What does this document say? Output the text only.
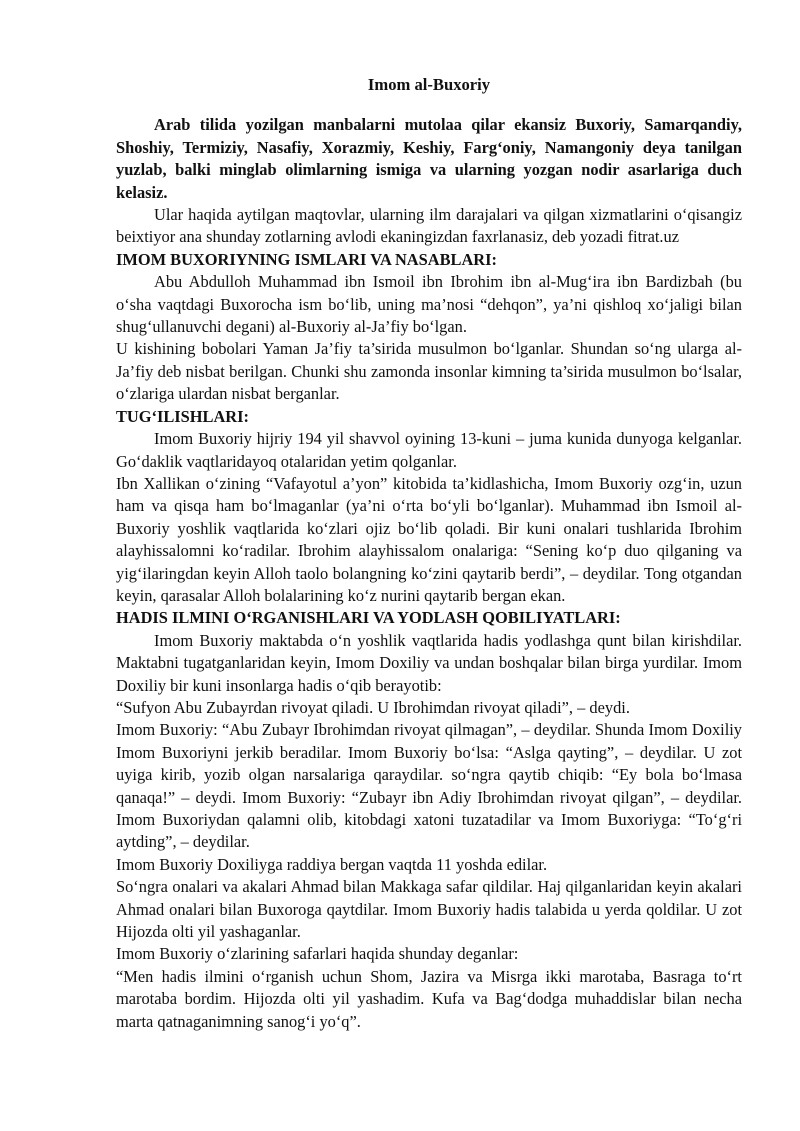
Imom al-Buxoriy

Arab tilida yozilgan manbalarni mutolaa qilar ekansiz Buxoriy, Samarqandiy, Shoshiy, Termiziy, Nasafiy, Xorazmiy, Keshiy, Farg‘oniy, Namangoniy deya tanilgan yuzlab, balki minglab olimlarning ismiga va ularning yozgan nodir asarlariga duch kelasiz.

Ular haqida aytilgan maqtovlar, ularning ilm darajalari va qilgan xizmatlarini o‘qisangiz beixtiyor ana shunday zotlarning avlodi ekaningizdan faxrlanasiz, deb yozadi fitrat.uz

IMOM BUXORIYNING ISMLARI VA NASABLARI:

Abu Abdulloh Muhammad ibn Ismoil ibn Ibrohim ibn al-Mug‘ira ibn Bardizbah (bu o‘sha vaqtdagi Buxorocha ism bo‘lib, uning ma’nosi “dehqon”, ya’ni qishloq xo‘jaligi bilan shug‘ullanuvchi degani) al-Buxoriy al-Ja’fiy bo‘lgan.

U kishining bobolari Yaman Ja’fiy ta’sirida musulmon bo‘lganlar. Shundan so‘ng ularga al-Ja’fiy deb nisbat berilgan. Chunki shu zamonda insonlar kimning ta’sirida musulmon bo‘lsalar, o‘zlariga ulardan nisbat berganlar.

TUG‘ILISHLARI:

Imom Buxoriy hijriy 194 yil shavvol oyining 13-kuni – juma kunida dunyoga kelganlar. Go‘daklik vaqtlaridayoq otalaridan yetim qolganlar.

Ibn Xallikan o‘zining “Vafayotul a’yon” kitobida ta’kidlashicha, Imom Buxoriy ozg‘in, uzun ham va qisqa ham bo‘lmaganlar (ya’ni o‘rta bo‘yli bo‘lganlar). Muhammad ibn Ismoil al-Buxoriy yoshlik vaqtlarida ko‘zlari ojiz bo‘lib qoladi. Bir kuni onalari tushlarida Ibrohim alayhissalomni ko‘radilar. Ibrohim alayhissalom onalariga: “Sening ko‘p duo qilganing va yig‘ilaringdan keyin Alloh taolo bolangning ko‘zini qaytarib berdi”, – deydilar. Tong otgandan keyin, qarasalar Alloh bolalarining ko‘z nurini qaytarib bergan ekan.

HADIS ILMINI O‘RGANISHLARI VA YODLASH QOBILIYATLARI:

Imom Buxoriy maktabda o‘n yoshlik vaqtlarida hadis yodlashga qunt bilan kirishdilar. Maktabni tugatganlaridan keyin, Imom Doxiliy va undan boshqalar bilan birga yurdilar. Imom Doxiliy bir kuni insonlarga hadis o‘qib berayotib:

“Sufyon Abu Zubayrdan rivoyat qiladi. U Ibrohimdan rivoyat qiladi”, – deydi.

Imom Buxoriy: “Abu Zubayr Ibrohimdan rivoyat qilmagan”, – deydilar. Shunda Imom Doxiliy Imom Buxoriyni jerkib beradilar. Imom Buxoriy bo‘lsa: “Aslga qayting”, – deydilar. U zot uyiga kirib, yozib olgan narsalariga qaraydilar. so‘ngra qaytib chiqib: “Ey bola bo‘lmasa qanaqa!” – deydi. Imom Buxoriy: “Zubayr ibn Adiy Ibrohimdan rivoyat qilgan”, – deydilar. Imom Buxoriydan qalamni olib, kitobdagi xatoni tuzatadilar va Imom Buxoriyga: “To‘g‘ri aytding”, – deydilar.

Imom Buxoriy Doxiliyga raddiya bergan vaqtda 11 yoshda edilar.

So‘ngra onalari va akalari Ahmad bilan Makkaga safar qildilar. Haj qilganlaridan keyin akalari Ahmad onalari bilan Buxoroga qaytdilar. Imom Buxoriy hadis talabida u yerda qoldilar. U zot Hijozda olti yil yashaganlar.

Imom Buxoriy o‘zlarining safarlari haqida shunday deganlar:

“Men hadis ilmini o‘rganish uchun Shom, Jazira va Misrga ikki marotaba, Basraga to‘rt marotaba bordim. Hijozda olti yil yashadim. Kufa va Bag‘dodga muhaddislar bilan necha marta qatnaganimning sanog‘i yo‘q”.
